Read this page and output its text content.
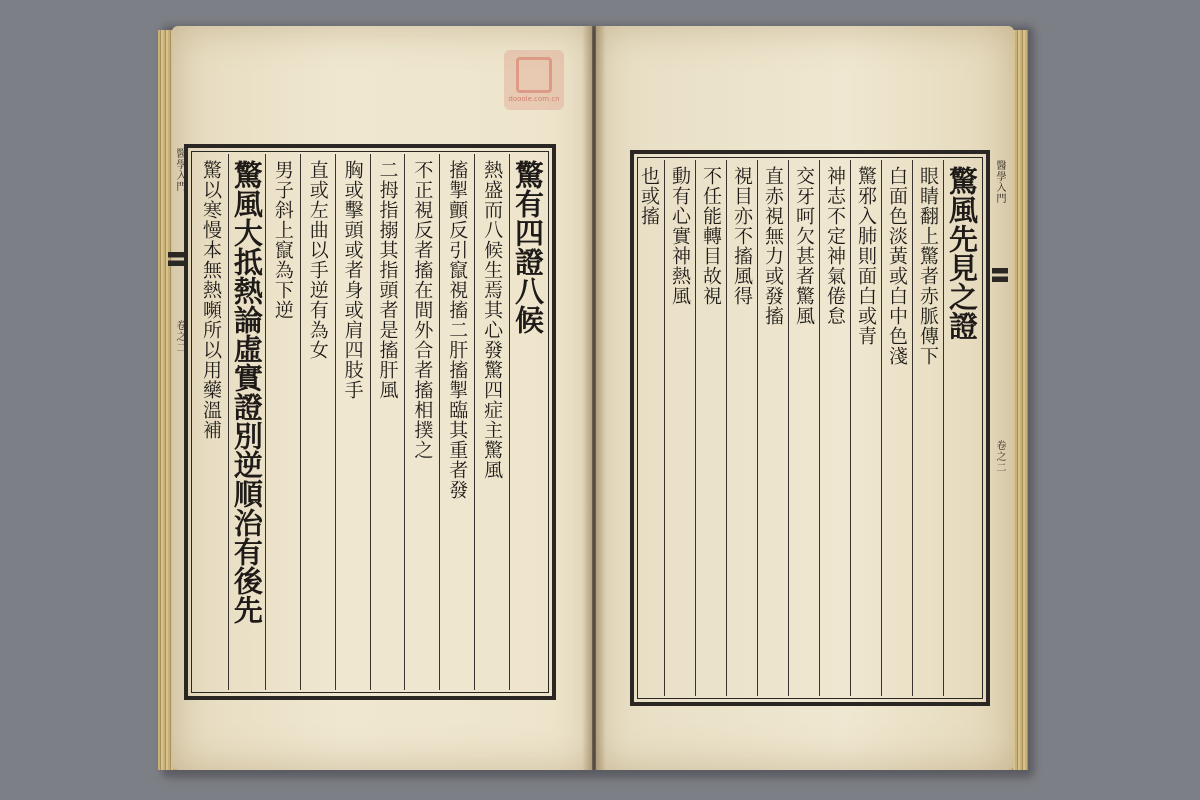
dooole.com.cn
醫學入門
卷之二
驚有四證八候
熱盛而八候生焉其心發驚四症主驚風
搐掣顫反引竄視搐二肝搐掣臨其重者發
不正視反者搐在間外合者搐相撲之
二拇指搦其指頭者是搐肝風
胸或擊頭或者身或肩四肢手
直或左曲以手逆有為女
男子斜上竄為下逆
驚風大抵熱論虛實證別逆順治有後先
驚以寒慢本無熱嚬所以用藥溫補	驚風先見之證
眼睛翻上驚者赤脈傳下
白面色淡黃或白中色淺
驚邪入肺則面白或青
神志不定神氣倦怠
交牙呵欠甚者驚風
直赤視無力或發搐
視目亦不搐風得
不任能轉目故視
動有心實神熱風
也或搐	醫學入門
卷之二
